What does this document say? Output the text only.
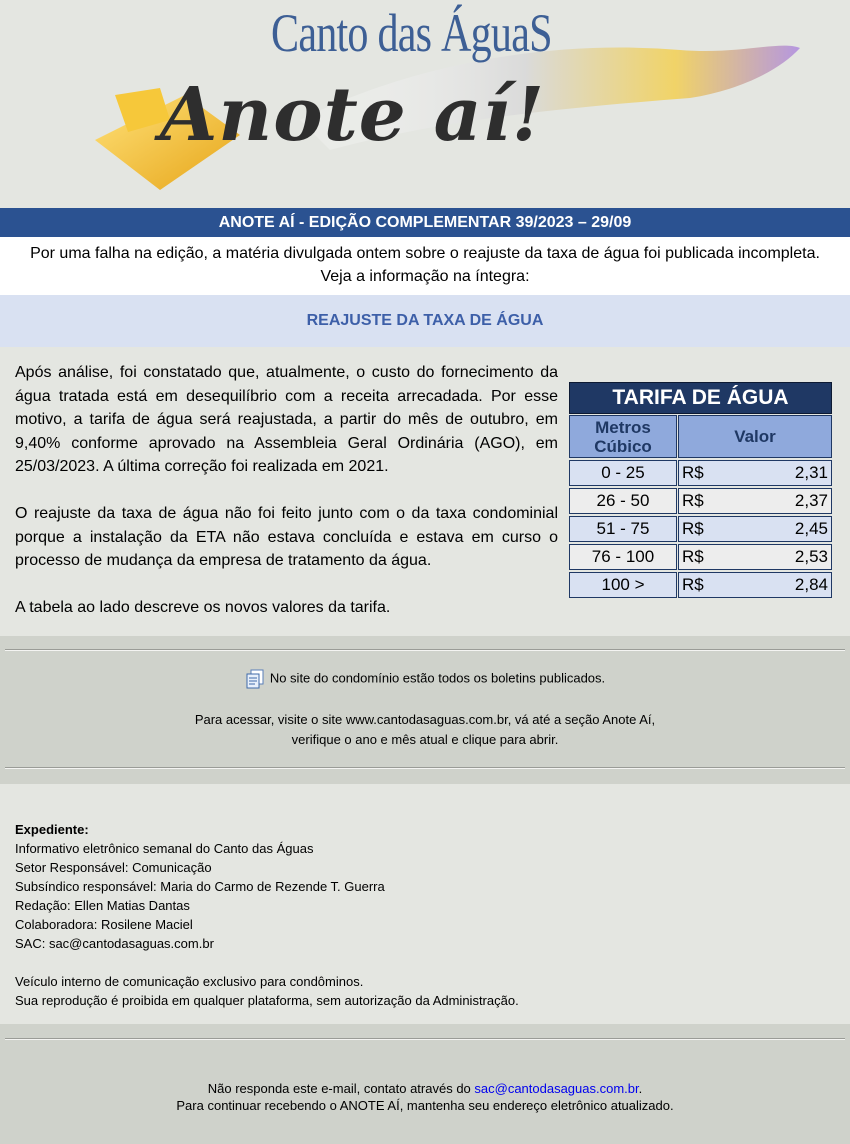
Canto das ÁguaS
Anote aí!
ANOTE AÍ - EDIÇÃO COMPLEMENTAR 39/2023 – 29/09
Por uma falha na edição, a matéria divulgada ontem sobre o reajuste da taxa de água foi publicada incompleta.
Veja a informação na íntegra:
REAJUSTE DA TAXA DE ÁGUA

Após análise, foi constatado que, atualmente, o custo do fornecimento da água tratada está em desequilíbrio com a receita arrecadada. Por esse motivo, a tarifa de água será reajustada, a partir do mês de outubro, em 9,40% conforme aprovado na Assembleia Geral Ordinária (AGO), em 25/03/2023. A última correção foi realizada em 2021.

O reajuste da taxa de água não foi feito junto com o da taxa condominial porque a instalação da ETA não estava concluída e estava em curso o processo de mudança da empresa de tratamento da água.

A tabela ao lado descreve os novos valores da tarifa.

TARIFA DE ÁGUA
Metros
Cúbico	Valor
0 - 25	R$	2,31
26 - 50	R$	2,37
51 - 75	R$	2,45
76 - 100	R$	2,53
100 >	R$	2,84
No site do condomínio estão todos os boletins publicados.
Para acessar, visite o site www.cantodasaguas.com.br, vá até a seção Anote Aí,
verifique o ano e mês atual e clique para abrir.
Expediente:
Informativo eletrônico semanal do Canto das Águas
Setor Responsável: Comunicação
Subsíndico responsável: Maria do Carmo de Rezende T. Guerra
Redação: Ellen Matias Dantas
Colaboradora: Rosilene Maciel
SAC: sac@cantodasaguas.com.br
Veículo interno de comunicação exclusivo para condôminos.
Sua reprodução é proibida em qualquer plataforma, sem autorização da Administração.
Não responda este e-mail, contato através do sac@cantodasaguas.com.br.
Para continuar recebendo o ANOTE AÍ, mantenha seu endereço eletrônico atualizado.
